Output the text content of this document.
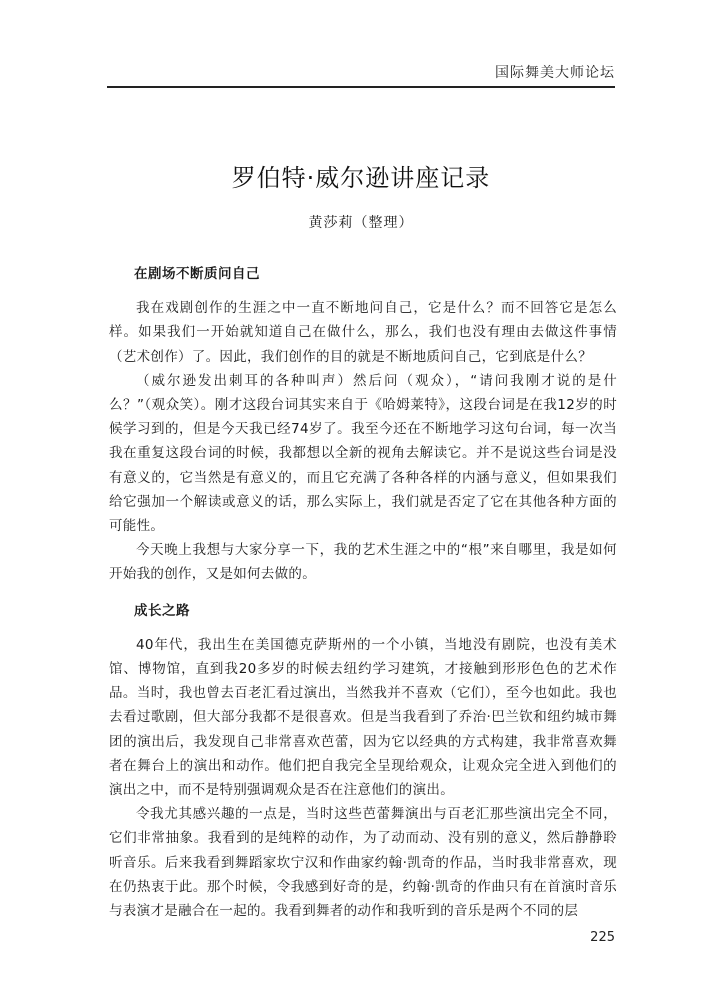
国际舞美大师论坛
罗伯特·威尔逊讲座记录
黄莎莉（整理）

在剧场不断质问自己

我在戏剧创作的生涯之中一直不断地问自己，它是什么？而不回答它是怎么样。如果我们一开始就知道自己在做什么，那么，我们也没有理由去做这件事情（艺术创作）了。因此，我们创作的目的就是不断地质问自己，它到底是什么？

（威尔逊发出刺耳的各种叫声）然后问（观众），“请问我刚才说的是什么？”（观众笑）。刚才这段台词其实来自于《哈姆莱特》，这段台词是在我12岁的时候学习到的，但是今天我已经74岁了。我至今还在不断地学习这句台词，每一次当我在重复这段台词的时候，我都想以全新的视角去解读它。并不是说这些台词是没有意义的，它当然是有意义的，而且它充满了各种各样的内涵与意义，但如果我们给它强加一个解读或意义的话，那么实际上，我们就是否定了它在其他各种方面的可能性。

今天晚上我想与大家分享一下，我的艺术生涯之中的“根”来自哪里，我是如何开始我的创作，又是如何去做的。

成长之路

40年代，我出生在美国德克萨斯州的一个小镇，当地没有剧院，也没有美术馆、博物馆，直到我20多岁的时候去纽约学习建筑，才接触到形形色色的艺术作品。当时，我也曾去百老汇看过演出，当然我并不喜欢（它们），至今也如此。我也去看过歌剧，但大部分我都不是很喜欢。但是当我看到了乔治·巴兰钦和纽约城市舞团的演出后，我发现自己非常喜欢芭蕾，因为它以经典的方式构建，我非常喜欢舞者在舞台上的演出和动作。他们把自我完全呈现给观众，让观众完全进入到他们的演出之中，而不是特别强调观众是否在注意他们的演出。

令我尤其感兴趣的一点是，当时这些芭蕾舞演出与百老汇那些演出完全不同，它们非常抽象。我看到的是纯粹的动作，为了动而动、没有别的意义，然后静静聆听音乐。后来我看到舞蹈家坎宁汉和作曲家约翰·凯奇的作品，当时我非常喜欢，现在仍热衷于此。那个时候，令我感到好奇的是，约翰·凯奇的作曲只有在首演时音乐与表演才是融合在一起的。我看到舞者的动作和我听到的音乐是两个不同的层

225
